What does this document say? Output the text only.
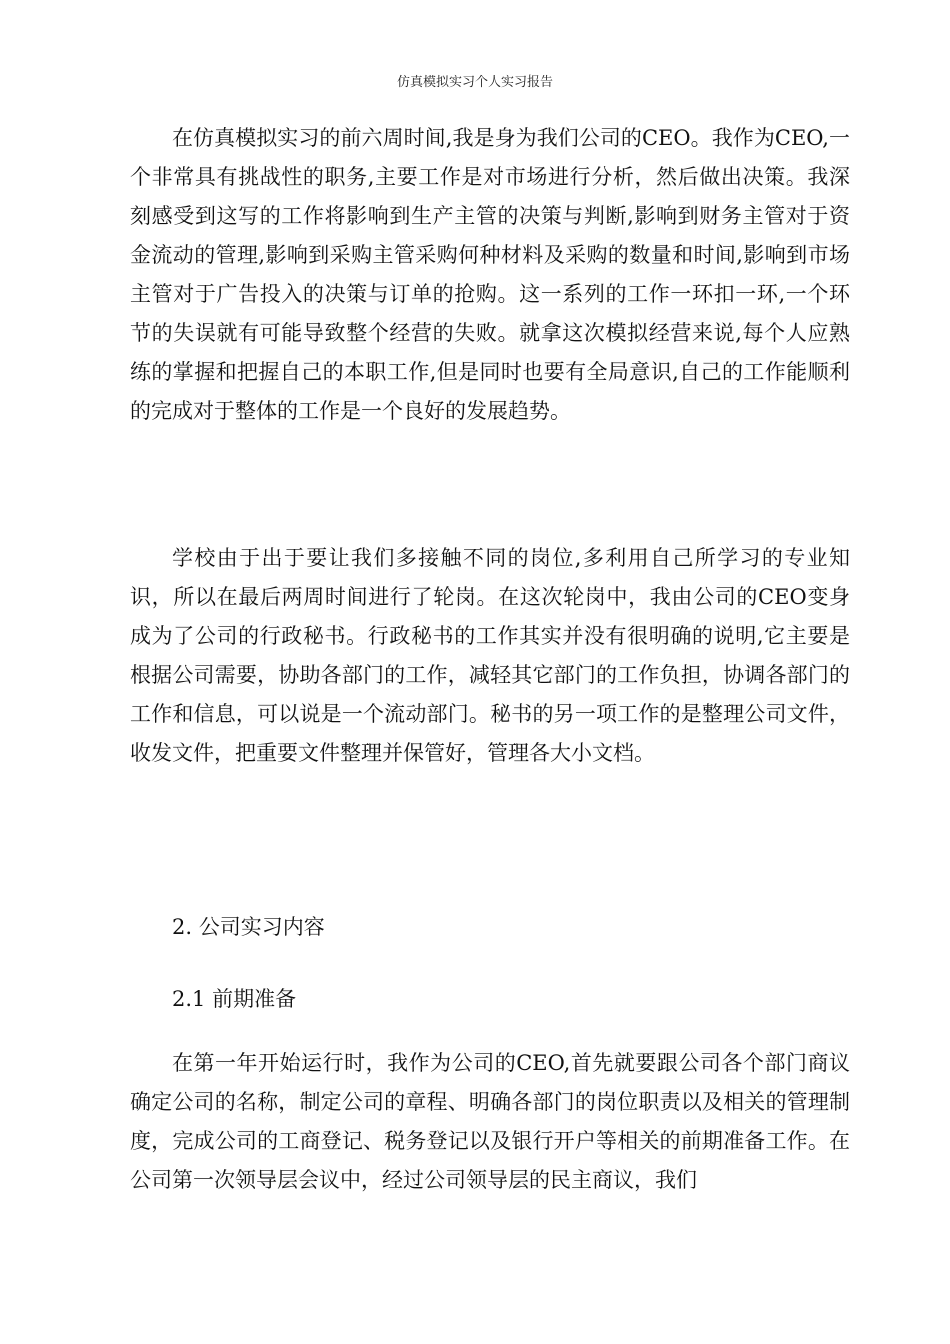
仿真模拟实习个人实习报告

在仿真模拟实习的前六周时间,我是身为我们公司的CEO。我作为CEO,一个非常具有挑战性的职务,主要工作是对市场进行分析，然后做出决策。我深刻感受到这写的工作将影响到生产主管的决策与判断,影响到财务主管对于资金流动的管理,影响到采购主管采购何种材料及采购的数量和时间,影响到市场主管对于广告投入的决策与订单的抢购。这一系列的工作一环扣一环,一个环节的失误就有可能导致整个经营的失败。就拿这次模拟经营来说,每个人应熟练的掌握和把握自己的本职工作,但是同时也要有全局意识,自己的工作能顺利的完成对于整体的工作是一个良好的发展趋势。

学校由于出于要让我们多接触不同的岗位,多利用自己所学习的专业知识，所以在最后两周时间进行了轮岗。在这次轮岗中，我由公司的CEO变身成为了公司的行政秘书。行政秘书的工作其实并没有很明确的说明,它主要是根据公司需要，协助各部门的工作，减轻其它部门的工作负担，协调各部门的工作和信息，可以说是一个流动部门。秘书的另一项工作的是整理公司文件，收发文件，把重要文件整理并保管好，管理各大小文档。

2. 公司实习内容
2.1 前期准备

在第一年开始运行时，我作为公司的CEO,首先就要跟公司各个部门商议确定公司的名称，制定公司的章程、明确各部门的岗位职责以及相关的管理制度，完成公司的工商登记、税务登记以及银行开户等相关的前期准备工作。在公司第一次领导层会议中，经过公司领导层的民主商议，我们
